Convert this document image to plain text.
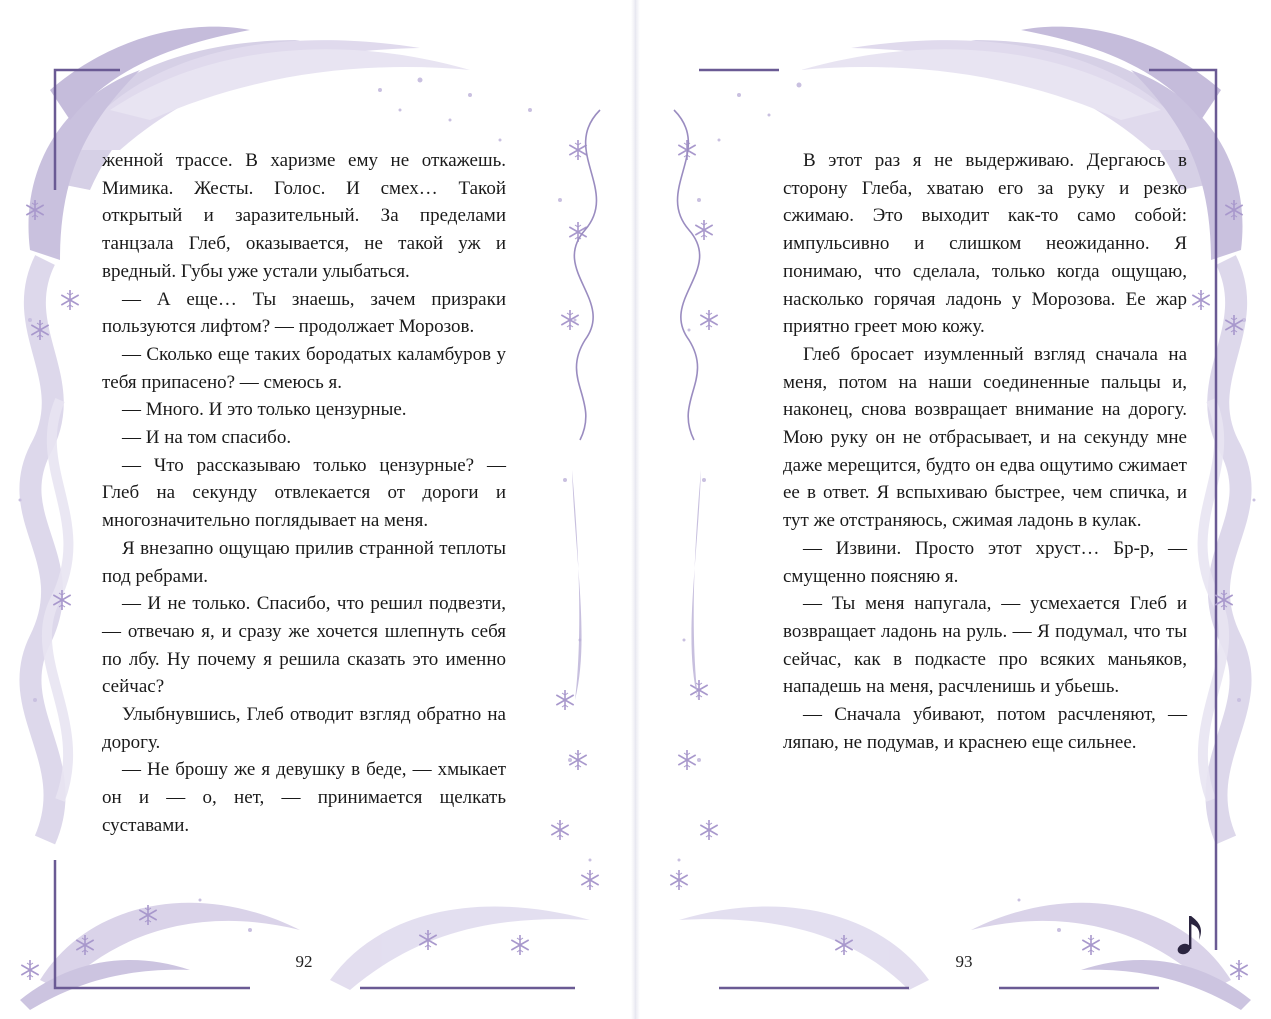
женной трассе. В харизме ему не откажешь. Мимика. Жесты. Голос. И смех… Такой открытый и заразительный. За пределами танцзала Глеб, оказывается, не такой уж и вредный. Губы уже устали улыбаться.

— А еще… Ты знаешь, зачем призраки пользуются лифтом? — продолжает Морозов.

— Сколько еще таких бородатых каламбуров у тебя припасено? — смеюсь я.

— Много. И это только цензурные.

— И на том спасибо.

— Что рассказываю только цензурные? — Глеб на секунду отвлекается от дороги и многозначительно поглядывает на меня.

Я внезапно ощущаю прилив странной теплоты под ребрами.

— И не только. Спасибо, что решил подвезти, — отвечаю я, и сразу же хочется шлепнуть себя по лбу. Ну почему я решила сказать это именно сейчас?

Улыбнувшись, Глеб отводит взгляд обратно на дорогу.

— Не брошу же я девушку в беде, — хмыкает он и — о, нет, — принимается щелкать суставами.

92

В этот раз я не выдерживаю. Дергаюсь в сторону Глеба, хватаю его за руку и резко сжимаю. Это выходит как-то само собой: импульсивно и слишком неожиданно. Я понимаю, что сделала, только когда ощущаю, насколько горячая ладонь у Морозова. Ее жар приятно греет мою кожу.

Глеб бросает изумленный взгляд сначала на меня, потом на наши соединенные пальцы и, наконец, снова возвращает внимание на дорогу. Мою руку он не отбрасывает, и на секунду мне даже мерещится, будто он едва ощутимо сжимает ее в ответ. Я вспыхиваю быстрее, чем спичка, и тут же отстраняюсь, сжимая ладонь в кулак.

— Извини. Просто этот хруст… Бр-р, — смущенно поясняю я.

— Ты меня напугала, — усмехается Глеб и возвращает ладонь на руль. — Я подумал, что ты сейчас, как в подкасте про всяких маньяков, нападешь на меня, расчленишь и убьешь.

— Сначала убивают, потом расчленяют, — ляпаю, не подумав, и краснею еще сильнее.

93
